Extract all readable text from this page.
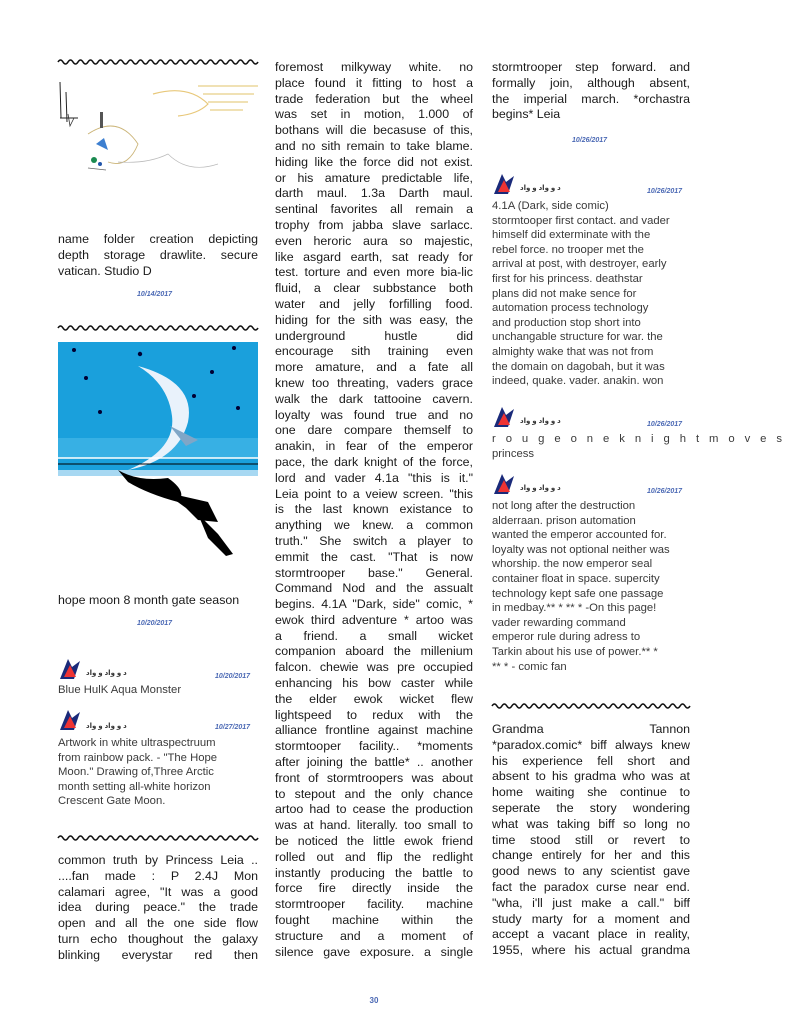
name folder creation depicting depth storage drawlite. secure vatican. Studio D

10/14/2017

hope moon 8 month gate season

10/20/2017
د و واد و واد	10/20/2017

Blue HulK Aqua Monster

د و واد و واد	10/27/2017

Artwork in white ultraspectruum from rainbow pack. - "The Hope Moon." Drawing of,Three Arctic month setting all-white horizon Crescent Gate Moon.

common truth by Princess Leia ..
....fan made : P 2.4J Mon
calamari agree, "It was a good
idea during peace." the trade
open and all the one side flow
turn echo thoughout the galaxy
blinking everystar red then
foremost milkyway white. no
place found it fitting to host a
trade federation but the wheel
was set in motion, 1.000 of
bothans will die becasuse of this,
and no sith remain to take blame.
hiding like the force did not exist.
or his amature predictable life,
darth maul. 1.3a Darth maul.
sentinal favorites all remain a
trophy from jabba slave sarlacc.
even heroric aura so majestic,
like asgard earth, sat ready for
test. torture and even more bia-lic
fluid, a clear subbstance both
water and jelly forfilling food.
hiding for the sith was easy, the
underground hustle did
encourage sith training even
more amature, and a fate all
knew too threating, vaders grace
walk the dark tattooine cavern.
loyalty was found true and no
one dare compare themself to
anakin, in fear of the emperor
pace, the dark knight of the force,
lord and vader 4.1a "this is it."
Leia point to a veiew screen. "this
is the last known existance to
anything we knew. a common
truth." She switch a player to
emmit the cast. "That is now
stormtrooper base." General.
Command Nod and the assualt
begins. 4.1A "Dark, side" comic, *
ewok third adventure * artoo was
a friend. a small wicket
companion aboard the millenium
falcon. chewie was pre occupied
enhancing his bow caster while
the elder ewok wicket flew
lightspeed to redux with the
alliance frontline against machine
stormtooper facility.. *moments
after joining the battle* .. another
front of stormtroopers was about
to stepout and the only chance
artoo had to cease the production
was at hand. literally. too small to
be noticed the little ewok friend
rolled out and flip the redlight
instantly producing the battle to
force fire directly inside the
stormtrooper facility. machine
fought machine within the
structure and a moment of
silence gave exposure. a single
stormtrooper step forward. and
formally join, although absent,
the imperial march. *orchastra
begins* Leia
10/26/2017
د و واد و واد	10/26/2017
4.1A (Dark, side comic)
stormtooper first contact. and vader
himself did exterminate with the
rebel force. no trooper met the
arrival at post, with destroyer, early
first for his princess. deathstar
plans did not make sence for
automation process technology
and production stop short into
unchangable structure for war. the
almighty wake that was not from
the domain on dagobah, but it was
indeed, quake. vader. anakin. won
د و واد و واد	10/26/2017
r o u g e o n e k n i g h t m o v e s
princess
د و واد و واد	10/26/2017
not long after the destruction
alderraan. prison automation
wanted the emperor accounted for.
loyalty was not optional neither was
whorship. the now emperor seal
container float in space. supercity
technology kept safe one passage
in medbay.** * ** * -On this page!
vader rewarding command
emperor rule during adress to
Tarkin about his use of power.** *
** * - comic fan
Grandma Tannon
*paradox.comic* biff always knew
his experience fell short and
absent to his gradma who was at
home waiting she continue to
seperate the story wondering
what was taking biff so long no
time stood still or revert to
change entirely for her and this
good news to any scientist gave
fact the paradox curse near end.
"wha, i'll just make a call." biff
study marty for a moment and
accept a vacant place in reality,
1955, where his actual grandma
30
